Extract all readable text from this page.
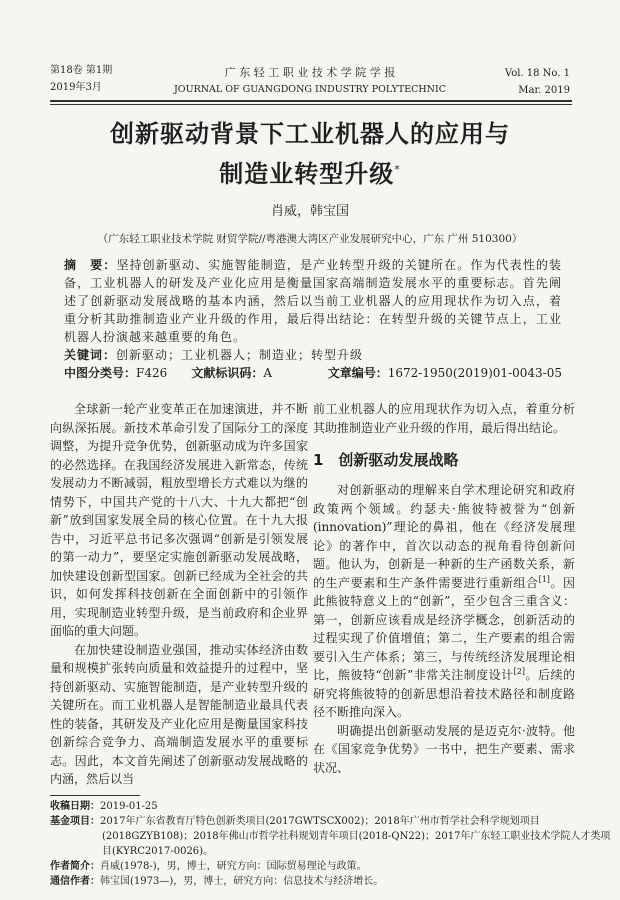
第18卷 第1期
2019年3月
广 东 轻 工 职 业 技 术 学 院 学 报
JOURNAL OF GUANGDONG INDUSTRY POLYTECHNIC
Vol. 18 No. 1
Mar. 2019
创新驱动背景下工业机器人的应用与
制造业转型升级*
肖威，韩宝国
（广东轻工职业技术学院 财贸学院//粤港澳大湾区产业发展研究中心，广东 广州 510300）
摘　要：坚持创新驱动、实施智能制造，是产业转型升级的关键所在。作为代表性的装备，工业机器人的研发及产业化应用是衡量国家高端制造发展水平的重要标志。首先阐述了创新驱动发展战略的基本内涵，然后以当前工业机器人的应用现状作为切入点，着重分析其助推制造业产业升级的作用，最后得出结论：在转型升级的关键节点上，工业机器人扮演越来越重要的角色。
关键词：创新驱动；工业机器人；制造业；转型升级
中图分类号：F426	文献标识码：A	文章编号：1672-1950(2019)01-0043-05

全球新一轮产业变革正在加速演进，并不断向纵深拓展。新技术革命引发了国际分工的深度调整，为提升竞争优势，创新驱动成为许多国家的必然选择。在我国经济发展进入新常态，传统发展动力不断减弱，粗放型增长方式难以为继的情势下，中国共产党的十八大、十九大都把“创新”放到国家发展全局的核心位置。在十九大报告中，习近平总书记多次强调“创新是引领发展的第一动力”，要坚定实施创新驱动发展战略，加快建设创新型国家。创新已经成为全社会的共识，如何发挥科技创新在全面创新中的引领作用，实现制造业转型升级，是当前政府和企业界面临的重大问题。

在加快建设制造业强国，推动实体经济由数量和规模扩张转向质量和效益提升的过程中，坚持创新驱动、实施智能制造，是产业转型升级的关键所在。而工业机器人是智能制造业最具代表性的装备，其研发及产业化应用是衡量国家科技创新综合竞争力、高端制造发展水平的重要标志。因此，本文首先阐述了创新驱动发展战略的内涵，然后以当

前工业机器人的应用现状作为切入点，着重分析其助推制造业产业升级的作用，最后得出结论。

1　创新驱动发展战略

对创新驱动的理解来自学术理论研究和政府政策两个领域。约瑟夫·熊彼特被誉为“创新(innovation)”理论的鼻祖，他在《经济发展理论》的著作中，首次以动态的视角看待创新问题。他认为，创新是一种新的生产函数关系，新的生产要素和生产条件需要进行重新组合[1]。因此熊彼特意义上的“创新”，至少包含三重含义：第一，创新应该看成是经济学概念，创新活动的过程实现了价值增值；第二，生产要素的组合需要引入生产体系；第三，与传统经济发展理论相比，熊彼特“创新”非常关注制度设计[2]。后续的研究将熊彼特的创新思想沿着技术路径和制度路径不断推向深入。

明确提出创新驱动发展的是迈克尔·波特。他在《国家竞争优势》一书中，把生产要素、需求状况、

收稿日期：2019-01-25
基金项目：2017年广东省教育厅特色创新类项目(2017GWTSCX002)；2018年广州市哲学社会科学规划项目
(2018GZYB108)；2018年佛山市哲学社科规划青年项目(2018-QN22)；2017年广东轻工职业技术学院人才类项
目(KYRC2017-0026)。
作者简介：肖威(1978-)，男，博士，研究方向：国际贸易理论与政策。
通信作者：韩宝国(1973—)，男，博士，研究方向：信息技术与经济增长。
